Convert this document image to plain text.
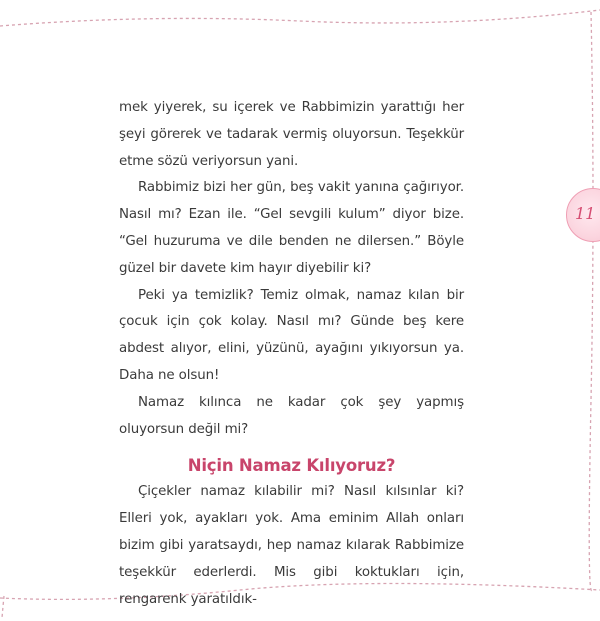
11

mek yiyerek, su içerek ve Rabbimizin yarattığı her şeyi görerek ve tadarak vermiş oluyorsun. Teşekkür etme sözü veriyorsun yani.

Rabbimiz bizi her gün, beş vakit yanına çağırıyor. Nasıl mı? Ezan ile. “Gel sevgili kulum” diyor bize. “Gel huzuruma ve dile benden ne dilersen.” Böyle güzel bir davete kim hayır diyebilir ki?

Peki ya temizlik? Temiz olmak, namaz kılan bir çocuk için çok kolay. Nasıl mı? Günde beş kere abdest alıyor, elini, yüzünü, ayağını yıkıyorsun ya. Daha ne olsun!

Namaz kılınca ne kadar çok şey yapmış oluyorsun değil mi?

Niçin Namaz Kılıyoruz?

Çiçekler namaz kılabilir mi? Nasıl kılsınlar ki? Elleri yok, ayakları yok. Ama eminim Allah onları bizim gibi yaratsaydı, hep namaz kılarak Rabbimize teşekkür ederlerdi. Mis gibi koktukları için, rengarenk yaratıldık-
